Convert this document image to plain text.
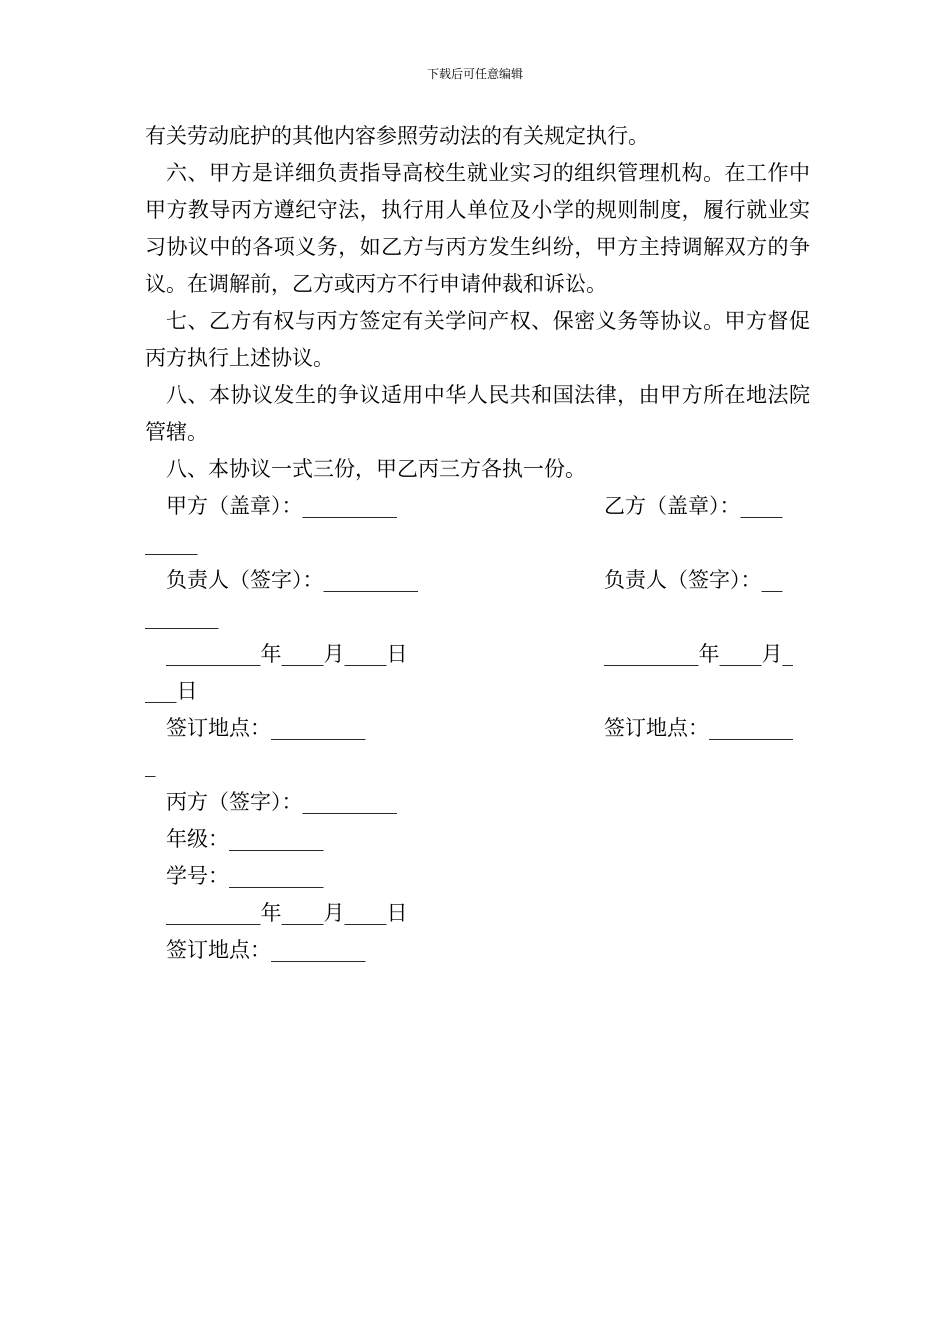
下载后可任意编辑

有关劳动庇护的其他内容参照劳动法的有关规定执行。

六、甲方是详细负责指导高校生就业实习的组织管理机构。在工作中甲方教导丙方遵纪守法，执行用人单位及小学的规则制度，履行就业实习协议中的各项义务，如乙方与丙方发生纠纷，甲方主持调解双方的争议。在调解前，乙方或丙方不行申请仲裁和诉讼。

七、乙方有权与丙方签定有关学问产权、保密义务等协议。甲方督促丙方执行上述协议。

八、本协议发生的争议适用中华人民共和国法律，由甲方所在地法院管辖。

八、本协议一式三份，甲乙丙三方各执一份。

甲方（盖章）：_________	乙方（盖章）：____
_____
负责人（签字）：_________	负责人（签字）：__
_______
_________年____月____日	_________年____月_
___日
签订地点：_________	签订地点：________
_
丙方（签字）：_________
年级：_________
学号：_________
_________年____月____日
签订地点：_________
